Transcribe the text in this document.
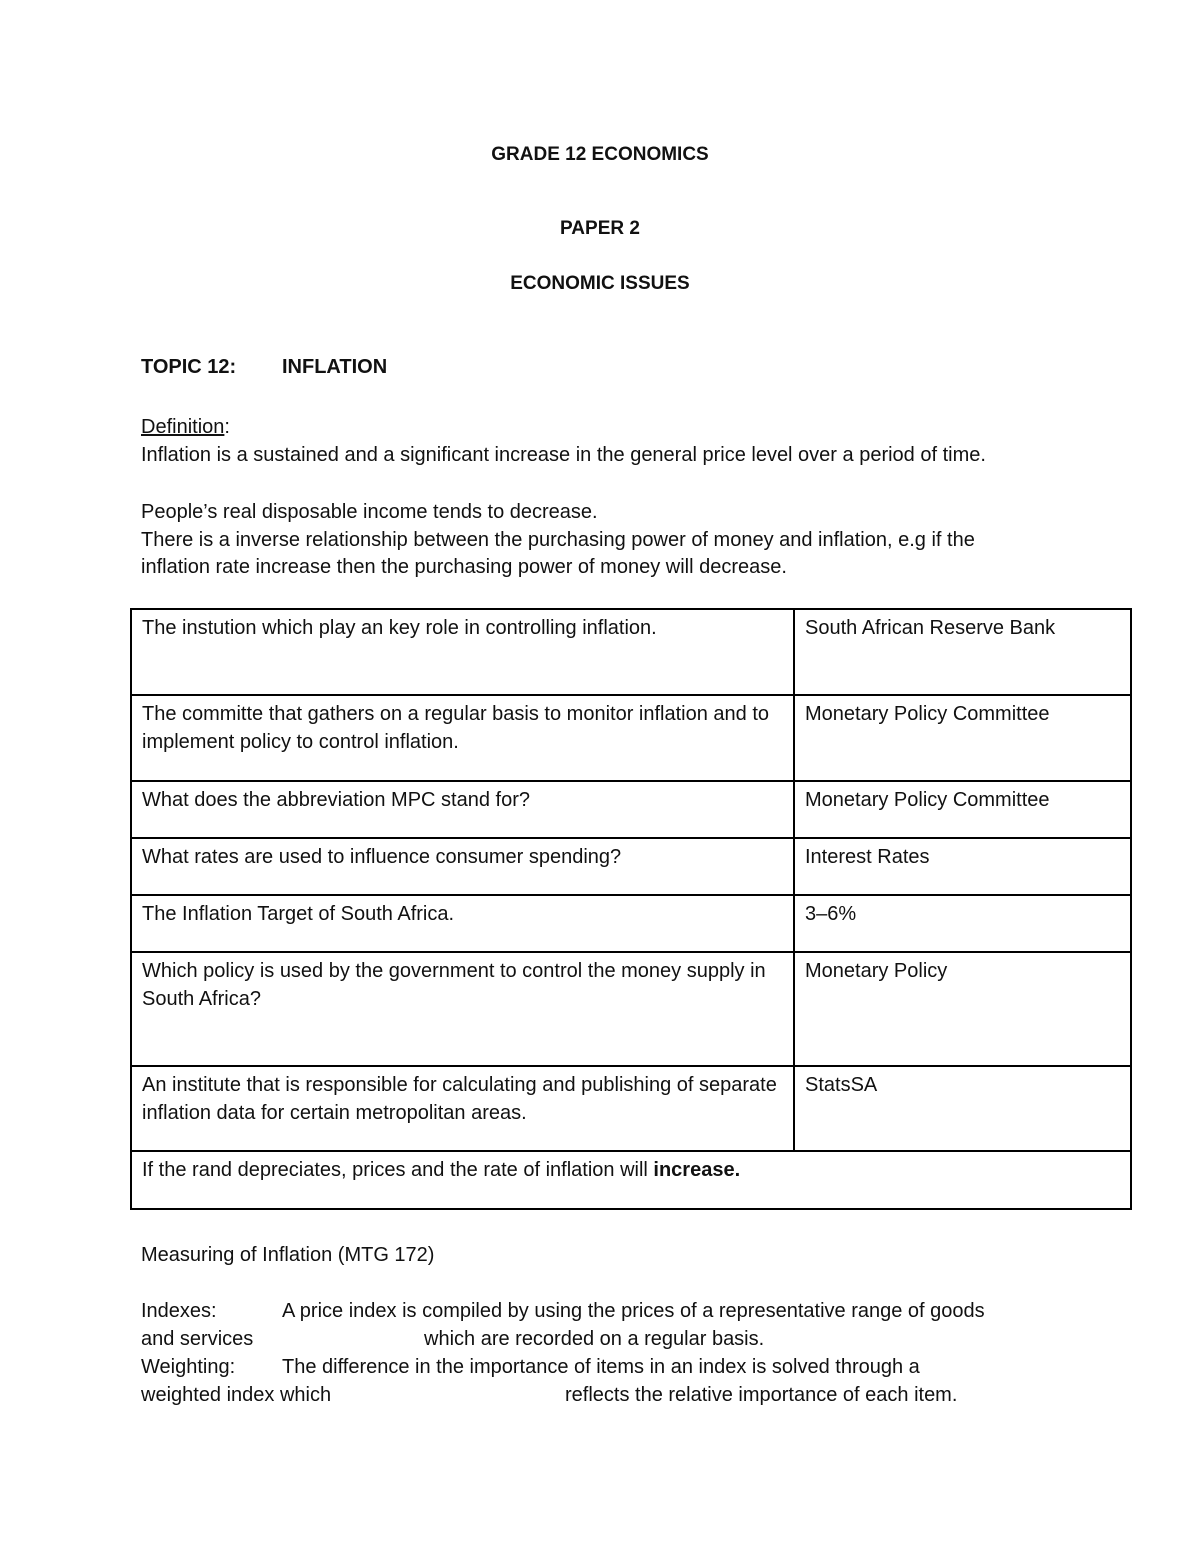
GRADE 12 ECONOMICS
PAPER 2
ECONOMIC ISSUES
TOPIC 12: INFLATION
Definition:
Inflation is a sustained and a significant increase in the general price level over a period of time.
People’s real disposable income tends to decrease.
There is a inverse relationship between the purchasing power of money and inflation, e.g if the
inflation rate increase then the purchasing power of money will decrease.
The instution which play an key role in controlling inflation.	South African Reserve Bank
The committe that gathers on a regular basis to monitor inflation and to implement policy to control inflation.	Monetary Policy Committee
What does the abbreviation MPC stand for?	Monetary Policy Committee
What rates are used to influence consumer spending?	Interest Rates
The Inflation Target of South Africa.	3–6%
Which policy is used by the government to control the money supply in South Africa?	Monetary Policy
An institute that is responsible for calculating and publishing of separate inflation data for certain metropolitan areas.	StatsSA
If the rand depreciates, prices and the rate of inflation will increase.	
Measuring of Inflation (MTG 172)
Indexes:	A price index is compiled by using the prices of a representative range of goods
and services	which are recorded on a regular basis.
Weighting: The difference in the importance of items in an index is solved through a
weighted index which	reflects the relative importance of each item.
